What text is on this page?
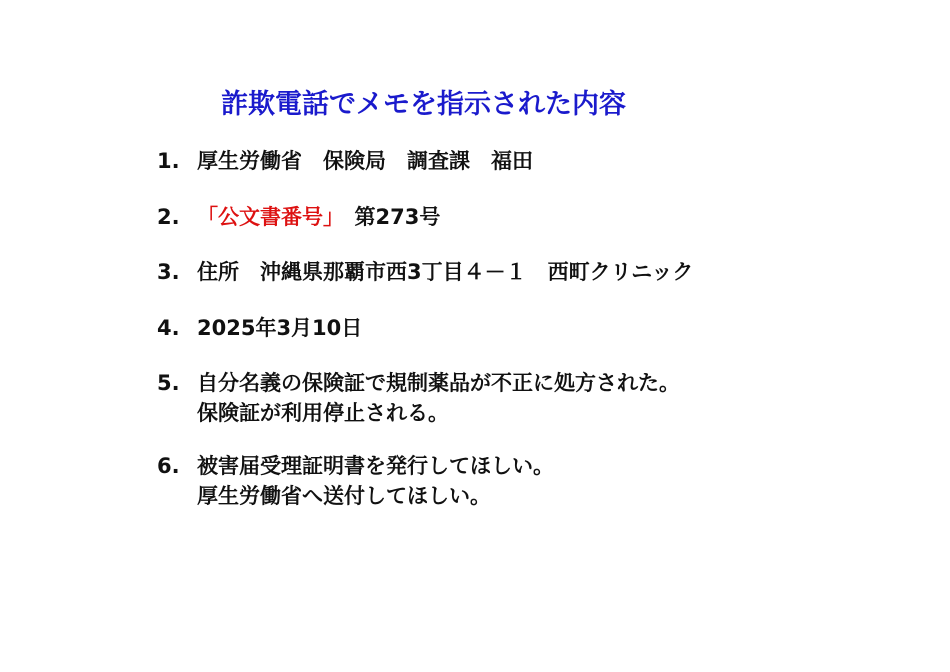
詐欺電話でメモを指示された内容
1. 厚生労働省　保険局　調査課　福田
2. 「公文書番号」　第273号
3. 住所　沖縄県那覇市西3丁目４－１　西町クリニック
4. 2025年3月10日
5. 自分名義の保険証で規制薬品が不正に処方された。
保険証が利用停止される。
6. 被害届受理証明書を発行してほしい。
厚生労働省へ送付してほしい。
